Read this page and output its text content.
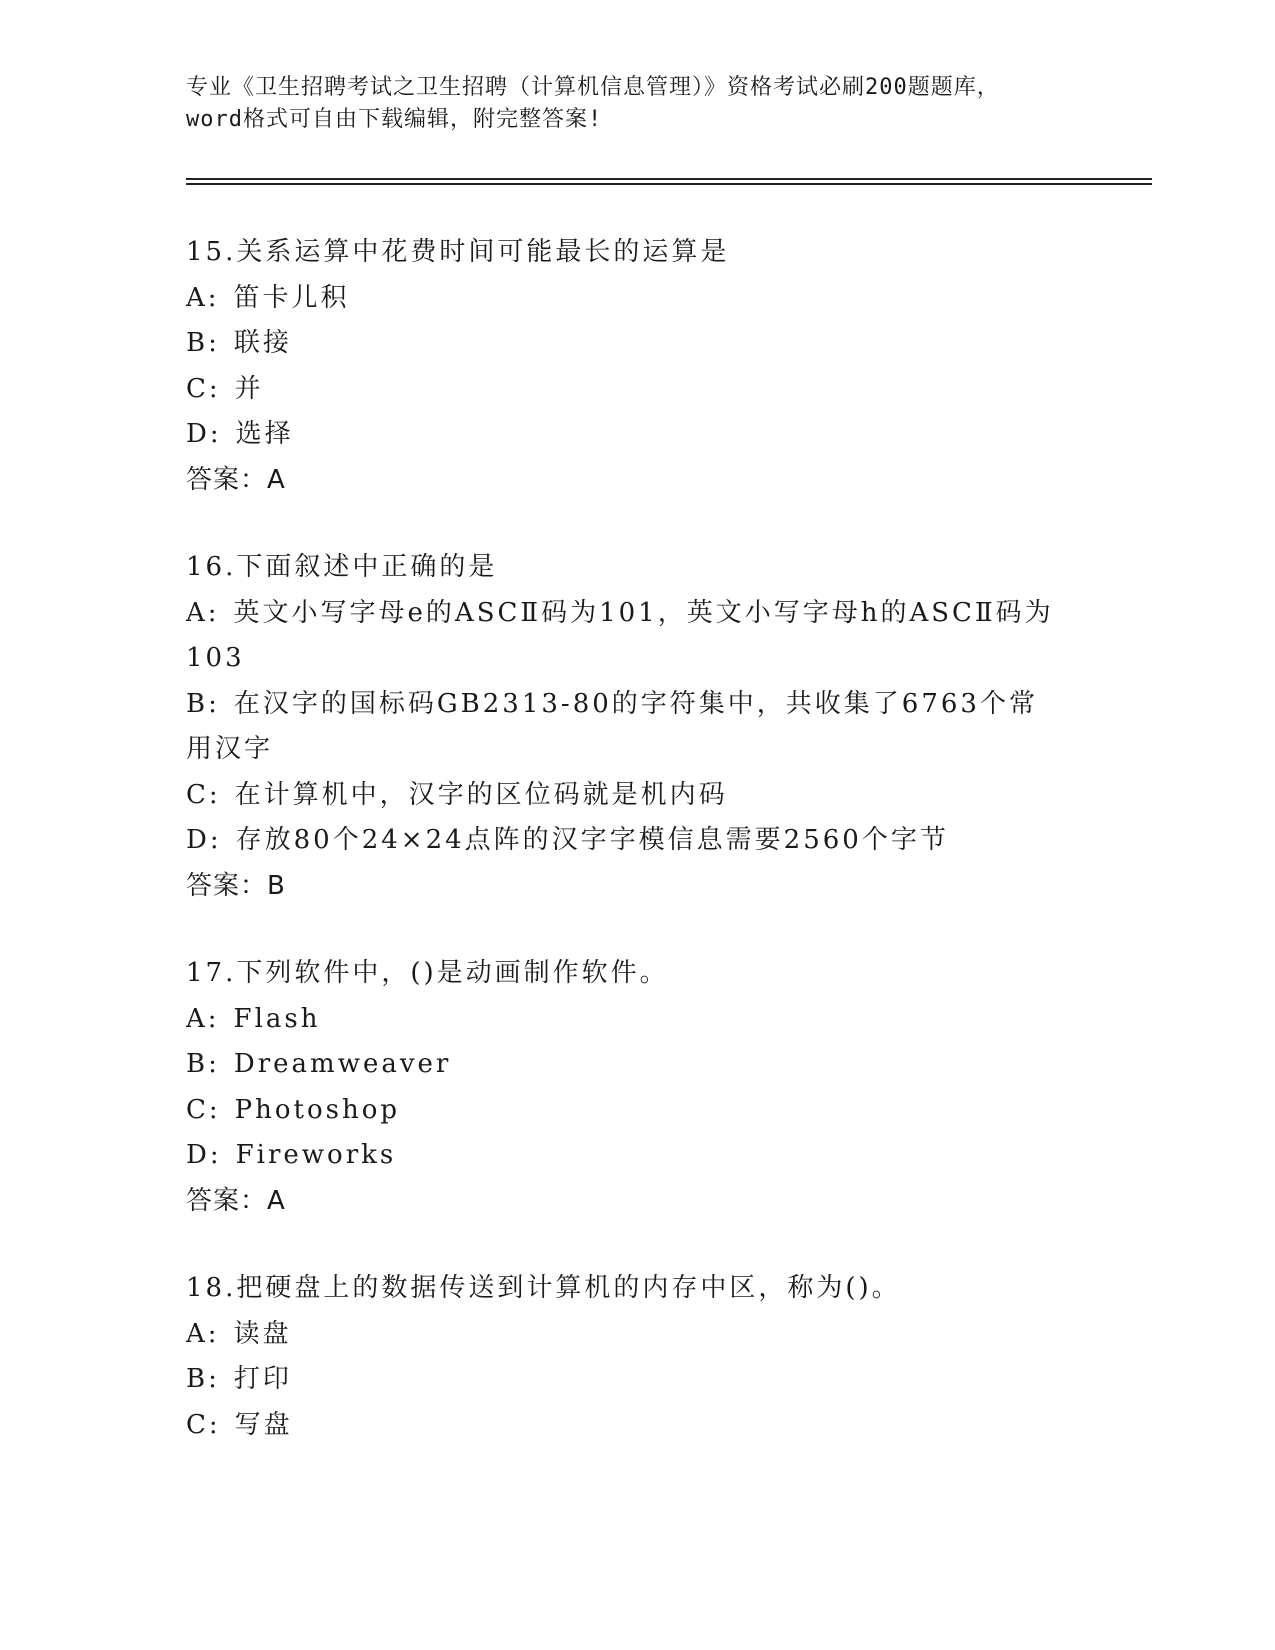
专业《卫生招聘考试之卫生招聘（计算机信息管理）》资格考试必刷200题题库，
word格式可自由下载编辑，附完整答案!
15.关系运算中花费时间可能最长的运算是
A: 笛卡儿积
B: 联接
C: 并
D: 选择
答案：A
16.下面叙述中正确的是
A: 英文小写字母e的ASCⅡ码为101，英文小写字母h的ASCⅡ码为103
B: 在汉字的国标码GB2313-80的字符集中，共收集了6763个常用汉字
C: 在计算机中，汉字的区位码就是机内码
D: 存放80个24×24点阵的汉字字模信息需要2560个字节
答案：B
17.下列软件中，()是动画制作软件。
A: Flash
B: Dreamweaver
C: Photoshop
D: Fireworks
答案：A
18.把硬盘上的数据传送到计算机的内存中区，称为()。
A: 读盘
B: 打印
C: 写盘
